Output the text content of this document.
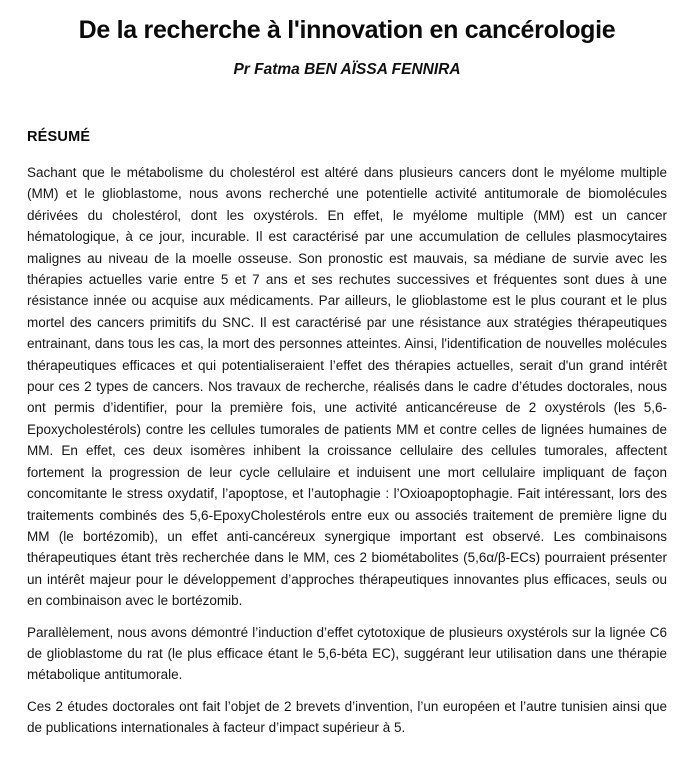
De la recherche à l'innovation en cancérologie
Pr Fatma BEN AÏSSA FENNIRA
RÉSUMÉ

Sachant que le métabolisme du cholestérol est altéré dans plusieurs cancers dont le myélome multiple (MM) et le glioblastome, nous avons recherché une potentielle activité antitumorale de biomolécules dérivées du cholestérol, dont les oxystérols. En effet, le myélome multiple (MM) est un cancer hématologique, à ce jour, incurable. Il est caractérisé par une accumulation de cellules plasmocytaires malignes au niveau de la moelle osseuse. Son pronostic est mauvais, sa médiane de survie avec les thérapies actuelles varie entre 5 et 7 ans et ses rechutes successives et fréquentes sont dues à une résistance innée ou acquise aux médicaments. Par ailleurs, le glioblastome est le plus courant et le plus mortel des cancers primitifs du SNC. Il est caractérisé par une résistance aux stratégies thérapeutiques entrainant, dans tous les cas, la mort des personnes atteintes. Ainsi, l'identification de nouvelles molécules thérapeutiques efficaces et qui potentialiseraient l’effet des thérapies actuelles, serait d'un grand intérêt pour ces 2 types de cancers. Nos travaux de recherche, réalisés dans le cadre d’études doctorales, nous ont permis d’identifier, pour la première fois, une activité anticancéreuse de 2 oxystérols (les 5,6-Epoxycholestérols) contre les cellules tumorales de patients MM et contre celles de lignées humaines de MM. En effet, ces deux isomères inhibent la croissance cellulaire des cellules tumorales, affectent fortement la progression de leur cycle cellulaire et induisent une mort cellulaire impliquant de façon concomitante le stress oxydatif, l’apoptose, et l’autophagie : l’Oxioapoptophagie. Fait intéressant, lors des traitements combinés des 5,6-EpoxyCholestérols entre eux ou associés traitement de première ligne du MM (le bortézomib), un effet anti-cancéreux synergique important est observé. Les combinaisons thérapeutiques étant très recherchée dans le MM, ces 2 biométabolites (5,6α/β-ECs) pourraient présenter un intérêt majeur pour le développement d’approches thérapeutiques innovantes plus efficaces, seuls ou en combinaison avec le bortézomib.

Parallèlement, nous avons démontré l’induction d’effet cytotoxique de plusieurs oxystérols sur la lignée C6 de glioblastome du rat (le plus efficace étant le 5,6-béta EC), suggérant leur utilisation dans une thérapie métabolique antitumorale.

Ces 2 études doctorales ont fait l’objet de 2 brevets d’invention, l’un européen et l’autre tunisien ainsi que de publications internationales à facteur d’impact supérieur à 5.
